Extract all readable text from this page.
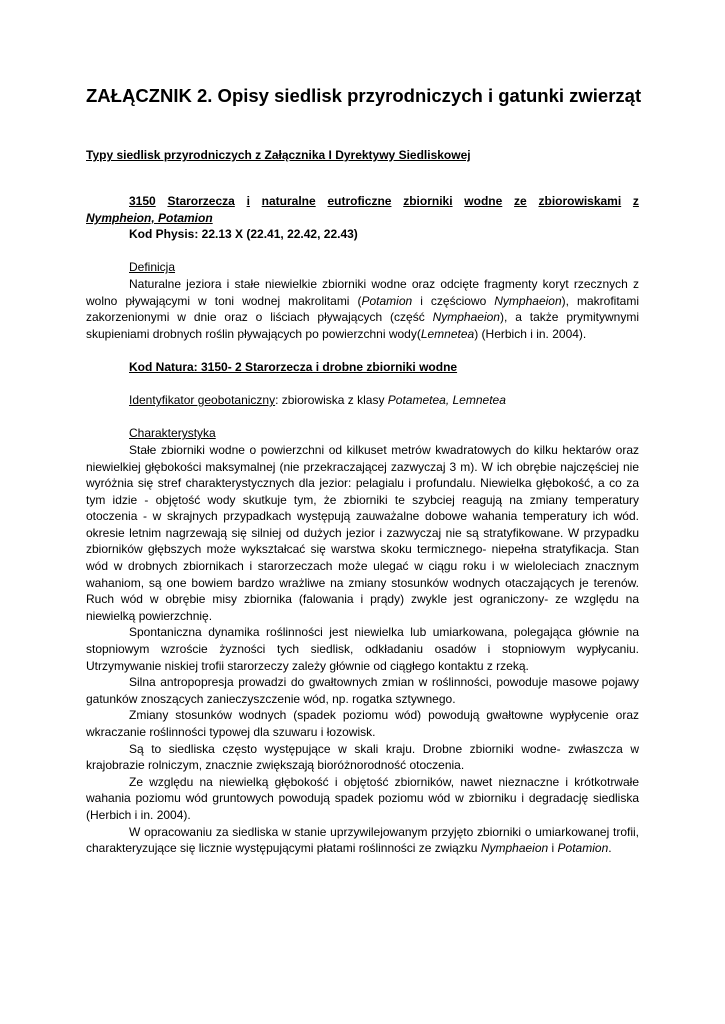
ZAŁĄCZNIK 2. Opisy siedlisk przyrodniczych i gatunki zwierząt
Typy siedlisk przyrodniczych z Załącznika I Dyrektywy Siedliskowej
3150 Starorzecza i naturalne eutroficzne zbiorniki wodne ze zbiorowiskami z
Nympheion, Potamion
Kod Physis: 22.13 X (22.41, 22.42, 22.43)
Definicja

Naturalne jeziora i stałe niewielkie zbiorniki wodne oraz odcięte fragmenty koryt rzecznych z wolno pływającymi w toni wodnej makrolitami (Potamion i częściowo Nymphaeion), makrofitami zakorzenionymi w dnie oraz o liściach pływających (część Nymphaeion), a także prymitywnymi skupieniami drobnych roślin pływających po powierzchni wody(Lemnetea) (Herbich i in. 2004).

Kod Natura: 3150- 2 Starorzecza i drobne zbiorniki wodne
Identyfikator geobotaniczny: zbiorowiska z klasy Potametea, Lemnetea
Charakterystyka

Stałe zbiorniki wodne o powierzchni od kilkuset metrów kwadratowych do kilku hektarów oraz niewielkiej głębokości maksymalnej (nie przekraczającej zazwyczaj 3 m). W ich obrębie najczęściej nie wyróżnia się stref charakterystycznych dla jezior: pelagialu i profundalu. Niewielka głębokość, a co za tym idzie - objętość wody skutkuje tym, że zbiorniki te szybciej reagują na zmiany temperatury otoczenia - w skrajnych przypadkach występują zauważalne dobowe wahania temperatury ich wód. okresie letnim nagrzewają się silniej od dużych jezior i zazwyczaj nie są stratyfikowane. W przypadku zbiorników głębszych może wykształcać się warstwa skoku termicznego- niepełna stratyfikacja. Stan wód w drobnych zbiornikach i starorzeczach może ulegać w ciągu roku i w wieloleciach znacznym wahaniom, są one bowiem bardzo wrażliwe na zmiany stosunków wodnych otaczających je terenów. Ruch wód w obrębie misy zbiornika (falowania i prądy) zwykle jest ograniczony- ze względu na niewielką powierzchnię.

Spontaniczna dynamika roślinności jest niewielka lub umiarkowana, polegająca głównie na stopniowym wzroście żyzności tych siedlisk, odkładaniu osadów i stopniowym wypłycaniu. Utrzymywanie niskiej trofii starorzeczy zależy głównie od ciągłego kontaktu z rzeką.

Silna antropopresja prowadzi do gwałtownych zmian w roślinności, powoduje masowe pojawy gatunków znoszących zanieczyszczenie wód, np. rogatka sztywnego.

Zmiany stosunków wodnych (spadek poziomu wód) powodują gwałtowne wypłycenie oraz wkraczanie roślinności typowej dla szuwaru i łozowisk.

Są to siedliska często występujące w skali kraju. Drobne zbiorniki wodne- zwłaszcza w krajobrazie rolniczym, znacznie zwiększają bioróżnorodność otoczenia.

Ze względu na niewielką głębokość i objętość zbiorników, nawet nieznaczne i krótkotrwałe wahania poziomu wód gruntowych powodują spadek poziomu wód w zbiorniku i degradację siedliska (Herbich i in. 2004).

W opracowaniu za siedliska w stanie uprzywilejowanym przyjęto zbiorniki o umiarkowanej trofii, charakteryzujące się licznie występującymi płatami roślinności ze związku Nymphaeion i Potamion.
